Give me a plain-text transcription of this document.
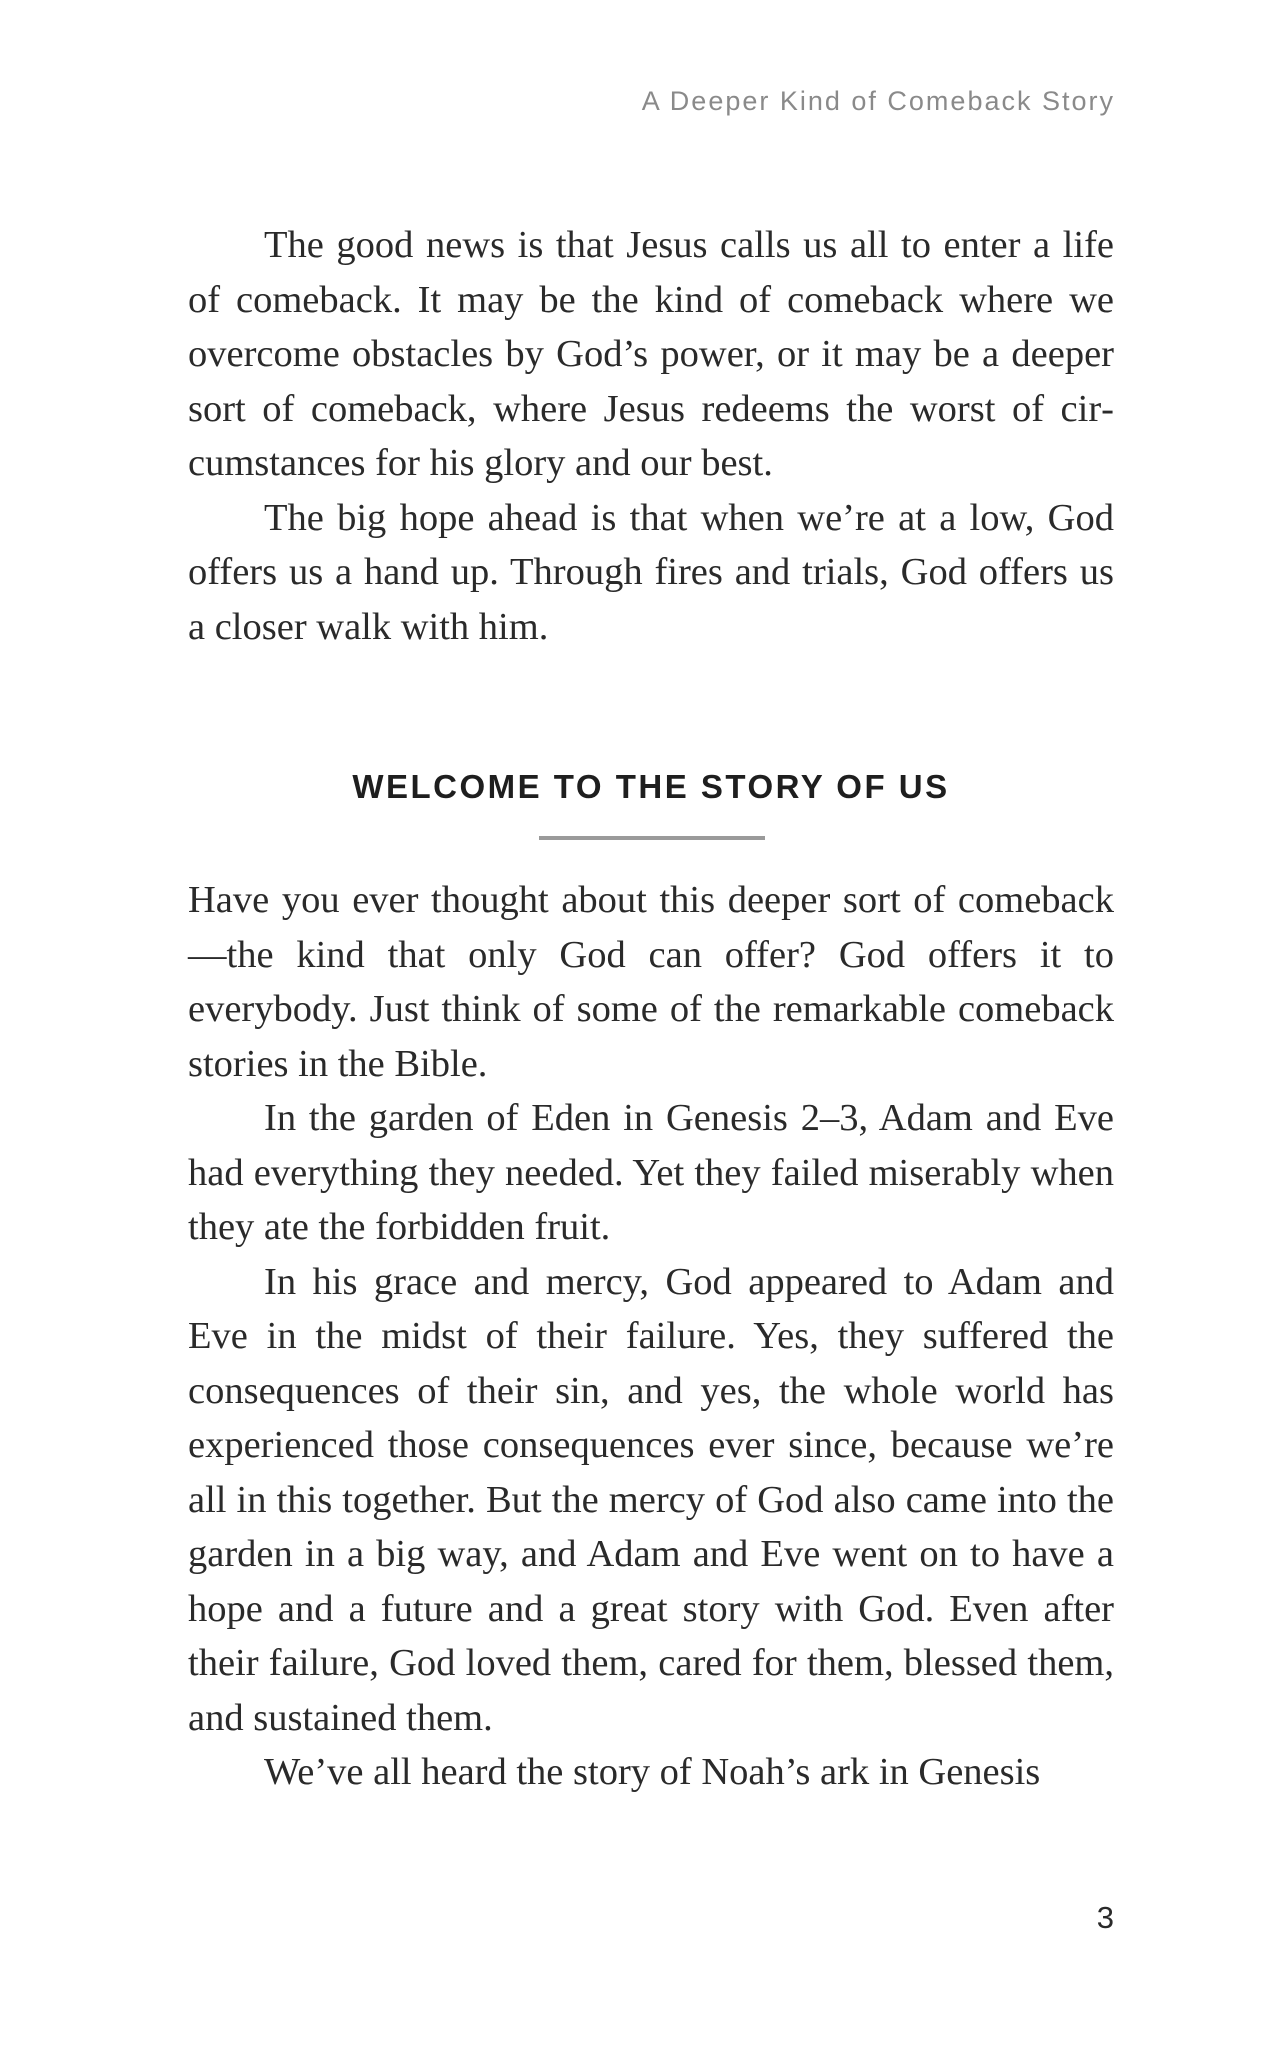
A Deeper Kind of Comeback Story

The good news is that Jesus calls us all to enter a life of comeback. It may be the kind of comeback where we overcome obstacles by God’s power, or it may be a deeper sort of comeback, where Jesus redeems the worst of circumstances for his glory and our best.

The big hope ahead is that when we’re at a low, God offers us a hand up. Through fires and trials, God offers us a closer walk with him.

WELCOME TO THE STORY OF US

Have you ever thought about this deeper sort of comeback—the kind that only God can offer? God offers it to everybody. Just think of some of the remarkable comeback stories in the Bible.

In the garden of Eden in Genesis 2–3, Adam and Eve had everything they needed. Yet they failed miserably when they ate the forbidden fruit.

In his grace and mercy, God appeared to Adam and Eve in the midst of their failure. Yes, they suffered the consequences of their sin, and yes, the whole world has experienced those consequences ever since, because we’re all in this together. But the mercy of God also came into the garden in a big way, and Adam and Eve went on to have a hope and a future and a great story with God. Even after their failure, God loved them, cared for them, blessed them, and sustained them.

We’ve all heard the story of Noah’s ark in Genesis

3
